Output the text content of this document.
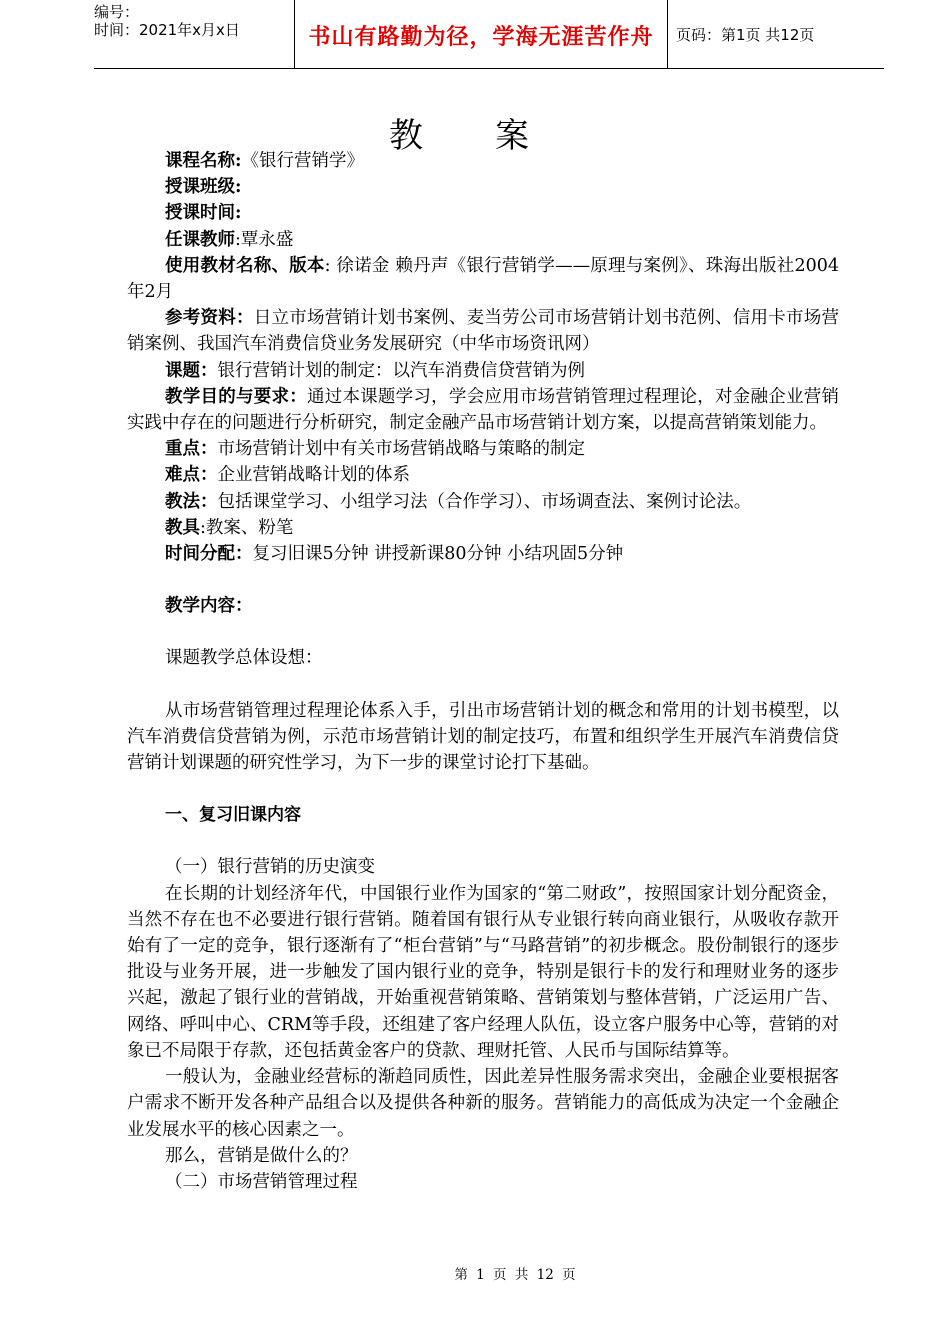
编号：
时间：2021年x月x日	书山有路勤为径，学海无涯苦作舟	页码：第1页 共12页
教案

课程名称:《银行营销学》

授课班级:

授课时间:

任课教师:覃永盛

使用教材名称、版本: 徐诺金 赖丹声《银行营销学——原理与案例》、珠海出版社2004年2月

参考资料：日立市场营销计划书案例、麦当劳公司市场营销计划书范例、信用卡市场营销案例、我国汽车消费信贷业务发展研究（中华市场资讯网）

课题：银行营销计划的制定：以汽车消费信贷营销为例

教学目的与要求：通过本课题学习，学会应用市场营销管理过程理论，对金融企业营销实践中存在的问题进行分析研究，制定金融产品市场营销计划方案，以提高营销策划能力。

重点：市场营销计划中有关市场营销战略与策略的制定

难点：企业营销战略计划的体系

教法：包括课堂学习、小组学习法（合作学习）、市场调查法、案例讨论法。

教具:教案、粉笔

时间分配：复习旧课5分钟 讲授新课80分钟 小结巩固5分钟

教学内容：

课题教学总体设想：

从市场营销管理过程理论体系入手，引出市场营销计划的概念和常用的计划书模型，以汽车消费信贷营销为例，示范市场营销计划的制定技巧，布置和组织学生开展汽车消费信贷营销计划课题的研究性学习，为下一步的课堂讨论打下基础。

一、复习旧课内容

（一）银行营销的历史演变

在长期的计划经济年代，中国银行业作为国家的“第二财政”，按照国家计划分配资金，当然不存在也不必要进行银行营销。随着国有银行从专业银行转向商业银行，从吸收存款开始有了一定的竞争，银行逐渐有了“柜台营销”与“马路营销”的初步概念。股份制银行的逐步批设与业务开展，进一步触发了国内银行业的竞争，特别是银行卡的发行和理财业务的逐步兴起，激起了银行业的营销战，开始重视营销策略、营销策划与整体营销，广泛运用广告、网络、呼叫中心、CRM等手段，还组建了客户经理人队伍，设立客户服务中心等，营销的对象已不局限于存款，还包括黄金客户的贷款、理财托管、人民币与国际结算等。

一般认为，金融业经营标的渐趋同质性，因此差异性服务需求突出，金融企业要根据客户需求不断开发各种产品组合以及提供各种新的服务。营销能力的高低成为决定一个金融企业发展水平的核心因素之一。

那么，营销是做什么的？

（二）市场营销管理过程

第 1 页 共 12 页
